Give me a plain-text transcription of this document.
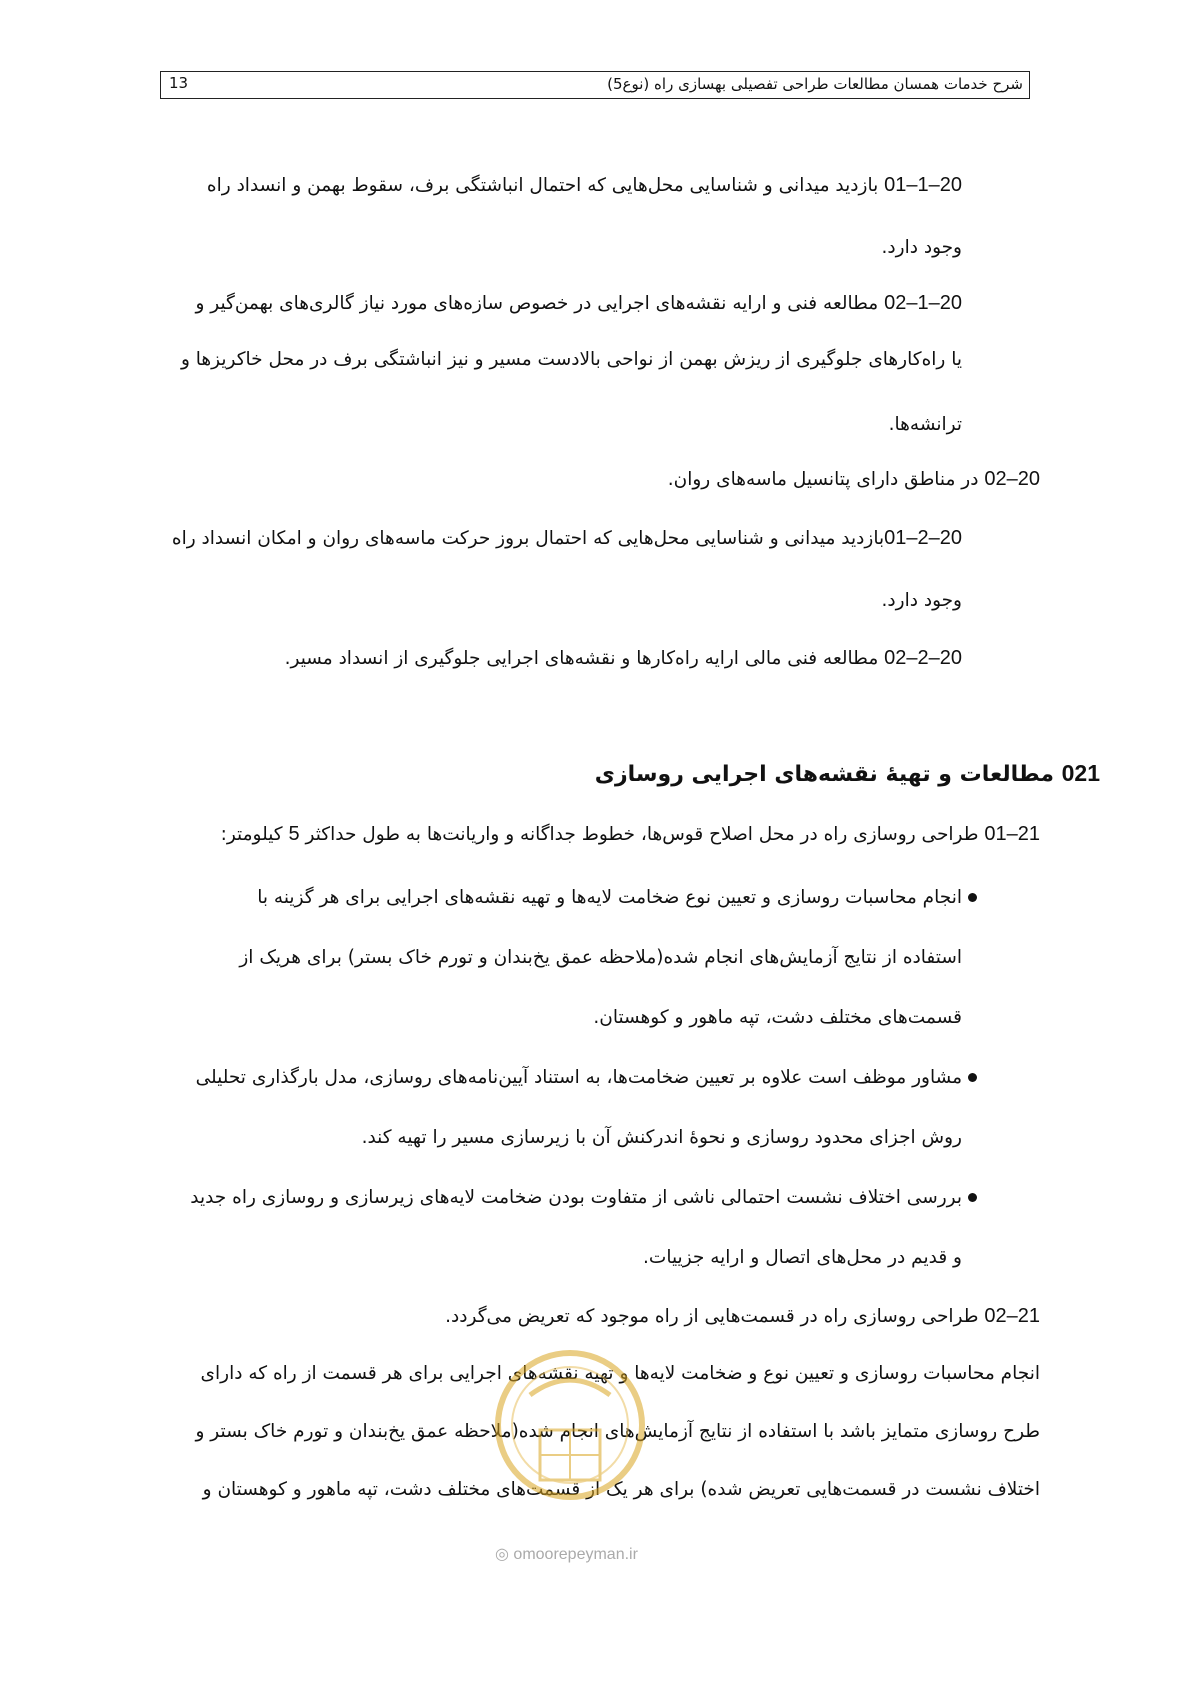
شرح خدمات همسان مطالعات طراحی تفصیلی بهسازی راه (نوع5)
13
20–1–01 بازدید میدانی و شناسایی محل‌هایی که احتمال انباشتگی برف، سقوط بهمن و انسداد راه
وجود دارد.
20–1–02 مطالعه فنی و ارایه نقشه‌های اجرایی در خصوص سازه‌های مورد نیاز گالری‌های بهمن‌گیر و
یا راه‌کارهای جلوگیری از ریزش بهمن از نواحی بالادست مسیر و نیز انباشتگی برف در محل خاکریزها و
ترانشه‌ها.
20–02 در مناطق دارای پتانسیل ماسه‌های روان.
20–2–01بازدید میدانی و شناسایی محل‌هایی که احتمال بروز حرکت ماسه‌های روان و امکان انسداد راه
وجود دارد.
20–2–02 مطالعه فنی مالی ارایه راه‌کارها و نقشه‌های اجرایی جلوگیری از انسداد مسیر.
021 مطالعات و تهیهٔ نقشه‌های اجرایی روسازی
21–01 طراحی روسازی راه در محل اصلاح قوس‌ها، خطوط جداگانه و واریانت‌ها به طول حداکثر 5 کیلومتر:
انجام محاسبات روسازی و تعیین نوع ضخامت لایه‌ها و تهیه نقشه‌های اجرایی برای هر گزینه با
استفاده از نتایج آزمایش‌های انجام شده(ملاحظه عمق یخ‌بندان و تورم خاک بستر) برای هریک از
قسمت‌های مختلف دشت، تپه ماهور و کوهستان.
مشاور موظف است علاوه بر تعیین ضخامت‌ها، به استناد آیین‌نامه‌های روسازی، مدل بارگذاری تحلیلی
روش اجزای محدود روسازی و نحوهٔ اندرکنش آن با زیرسازی مسیر را تهیه کند.
بررسی اختلاف نشست احتمالی ناشی از متفاوت بودن ضخامت لایه‌های زیرسازی و روسازی راه جدید
و قدیم در محل‌های اتصال و ارایه جزییات.
21–02 طراحی روسازی راه در قسمت‌هایی از راه موجود که تعریض می‌گردد.
انجام محاسبات روسازی و تعیین نوع و ضخامت لایه‌ها و تهیه نقشه‌های اجرایی برای هر قسمت از راه که دارای
طرح روسازی متمایز باشد با استفاده از نتایج آزمایش‌های انجام شده(ملاحظه عمق یخ‌بندان و تورم خاک بستر و
اختلاف نشست در قسمت‌هایی تعریض شده) برای هر یک از قسمت‌های مختلف دشت، تپه ماهور و کوهستان و
◎ omoorepeyman.ir
